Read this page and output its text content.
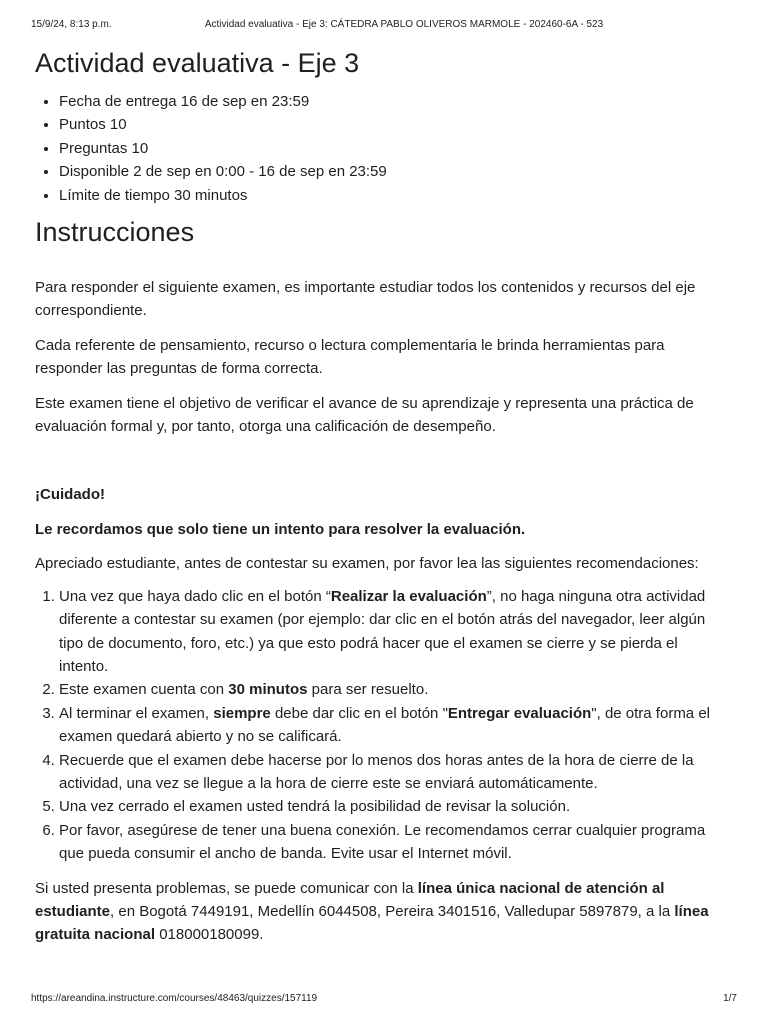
15/9/24, 8:13 p.m.	Actividad evaluativa - Eje 3: CÁTEDRA PABLO OLIVEROS MARMOLE - 202460-6A - 523
Actividad evaluativa - Eje 3
• Fecha de entrega 16 de sep en 23:59
• Puntos 10
• Preguntas 10
• Disponible 2 de sep en 0:00 - 16 de sep en 23:59
• Límite de tiempo 30 minutos
Instrucciones

Para responder el siguiente examen, es importante estudiar todos los contenidos y recursos del eje correspondiente.

Cada referente de pensamiento, recurso o lectura complementaria le brinda herramientas para responder las preguntas de forma correcta.

Este examen tiene el objetivo de verificar el avance de su aprendizaje y representa una práctica de evaluación formal y, por tanto, otorga una calificación de desempeño.

¡Cuidado!

Le recordamos que solo tiene un intento para resolver la evaluación.

Apreciado estudiante, antes de contestar su examen, por favor lea las siguientes recomendaciones:

1. Una vez que haya dado clic en el botón “Realizar la evaluación”, no haga ninguna otra actividad diferente a contestar su examen (por ejemplo: dar clic en el botón atrás del navegador, leer algún tipo de documento, foro, etc.) ya que esto podrá hacer que el examen se cierre y se pierda el intento.
2. Este examen cuenta con 30 minutos para ser resuelto.
3. Al terminar el examen, siempre debe dar clic en el botón "Entregar evaluación", de otra forma el examen quedará abierto y no se calificará.
4. Recuerde que el examen debe hacerse por lo menos dos horas antes de la hora de cierre de la actividad, una vez se llegue a la hora de cierre este se enviará automáticamente.
5. Una vez cerrado el examen usted tendrá la posibilidad de revisar la solución.
6. Por favor, asegúrese de tener una buena conexión. Le recomendamos cerrar cualquier programa que pueda consumir el ancho de banda. Evite usar el Internet móvil.

Si usted presenta problemas, se puede comunicar con la línea única nacional de atención al estudiante, en Bogotá 7449191, Medellín 6044508, Pereira 3401516, Valledupar 5897879, a la línea gratuita nacional 018000180099.

https://areandina.instructure.com/courses/48463/quizzes/157119	1/7
